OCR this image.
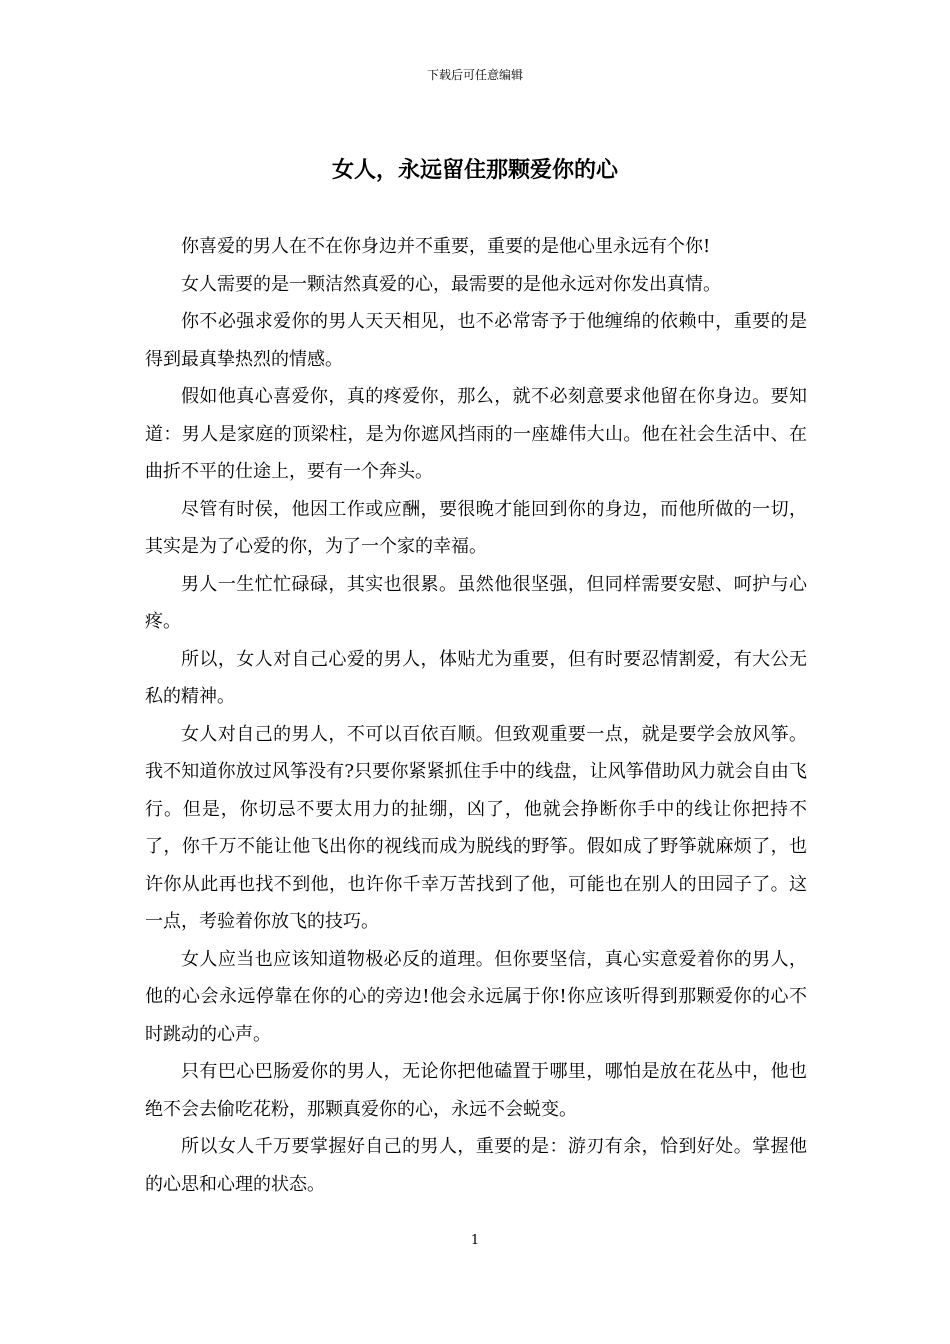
下载后可任意编辑
女人，永远留住那颗爱你的心

你喜爱的男人在不在你身边并不重要，重要的是他心里永远有个你!

女人需要的是一颗洁然真爱的心，最需要的是他永远对你发出真情。

你不必强求爱你的男人天天相见，也不必常寄予于他缠绵的依赖中，重要的是得到最真挚热烈的情感。

假如他真心喜爱你，真的疼爱你，那么，就不必刻意要求他留在你身边。要知道：男人是家庭的顶梁柱，是为你遮风挡雨的一座雄伟大山。他在社会生活中、在曲折不平的仕途上，要有一个奔头。

尽管有时侯，他因工作或应酬，要很晚才能回到你的身边，而他所做的一切，其实是为了心爱的你，为了一个家的幸福。

男人一生忙忙碌碌，其实也很累。虽然他很坚强，但同样需要安慰、呵护与心疼。

所以，女人对自己心爱的男人，体贴尤为重要，但有时要忍情割爱，有大公无私的精神。

女人对自己的男人，不可以百依百顺。但致观重要一点，就是要学会放风筝。我不知道你放过风筝没有?只要你紧紧抓住手中的线盘，让风筝借助风力就会自由飞行。但是，你切忌不要太用力的扯绷，凶了，他就会挣断你手中的线让你把持不了，你千万不能让他飞出你的视线而成为脱线的野筝。假如成了野筝就麻烦了，也许你从此再也找不到他，也许你千幸万苦找到了他，可能也在别人的田园子了。这一点，考验着你放飞的技巧。

女人应当也应该知道物极必反的道理。但你要坚信，真心实意爱着你的男人，他的心会永远停靠在你的心的旁边!他会永远属于你!你应该听得到那颗爱你的心不时跳动的心声。

只有巴心巴肠爱你的男人，无论你把他磕置于哪里，哪怕是放在花丛中，他也绝不会去偷吃花粉，那颗真爱你的心，永远不会蜕变。

所以女人千万要掌握好自己的男人，重要的是：游刃有余，恰到好处。掌握他的心思和心理的状态。

1
